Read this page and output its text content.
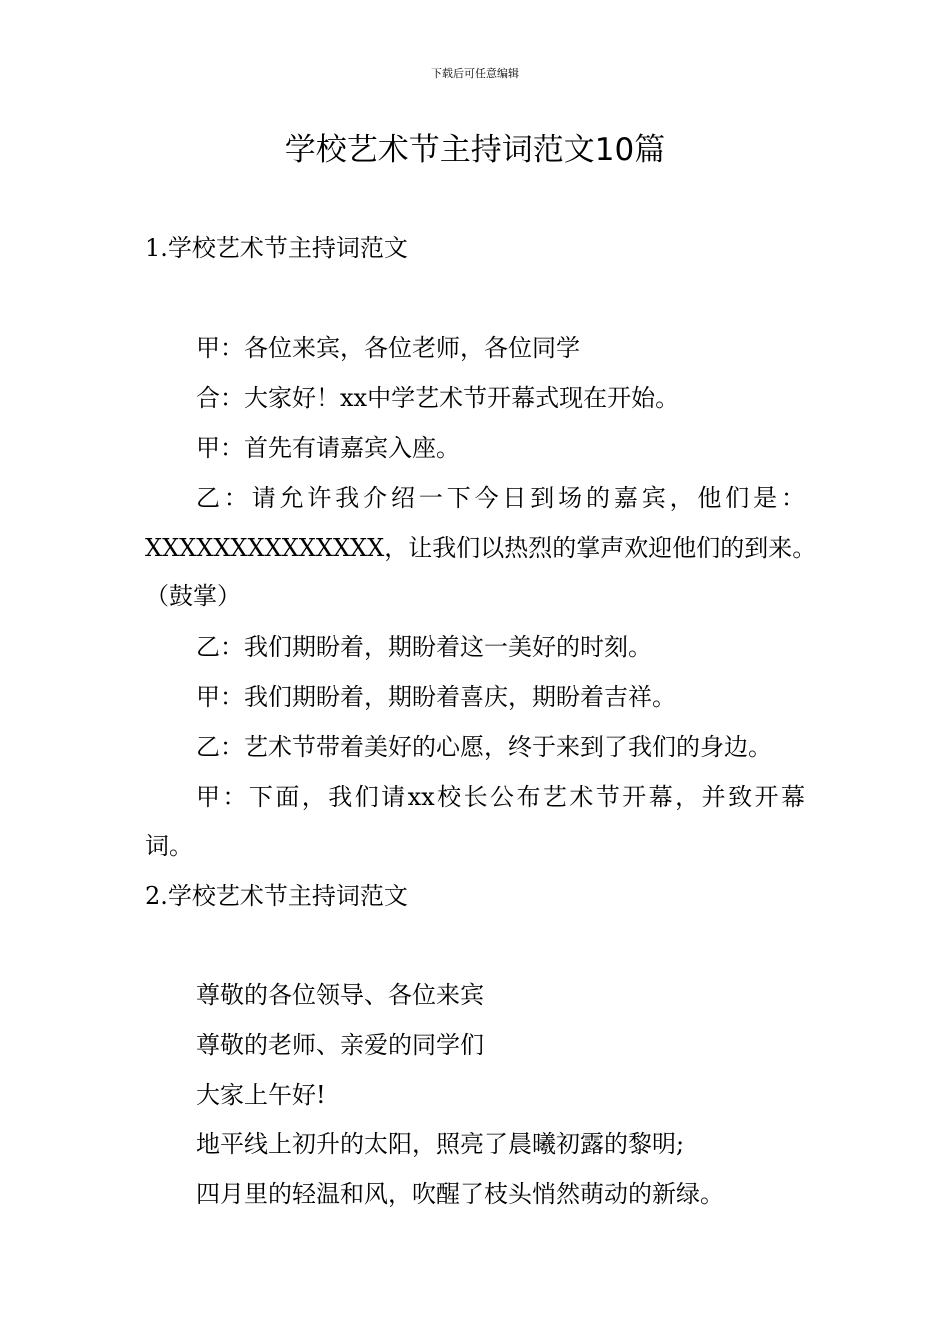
下载后可任意编辑
学校艺术节主持词范文10篇
1.学校艺术节主持词范文
甲：各位来宾，各位老师，各位同学
合：大家好！xx中学艺术节开幕式现在开始。
甲：首先有请嘉宾入座。
乙：请允许我介绍一下今日到场的嘉宾，他们是：
XXXXXXXXXXXXXX，让我们以热烈的掌声欢迎他们的到来。
（鼓掌）
乙：我们期盼着，期盼着这一美好的时刻。
甲：我们期盼着，期盼着喜庆，期盼着吉祥。
乙：艺术节带着美好的心愿，终于来到了我们的身边。
甲：下面，我们请xx校长公布艺术节开幕，并致开幕
词。
2.学校艺术节主持词范文
尊敬的各位领导、各位来宾
尊敬的老师、亲爱的同学们
大家上午好!
地平线上初升的太阳，照亮了晨曦初露的黎明;
四月里的轻温和风，吹醒了枝头悄然萌动的新绿。
